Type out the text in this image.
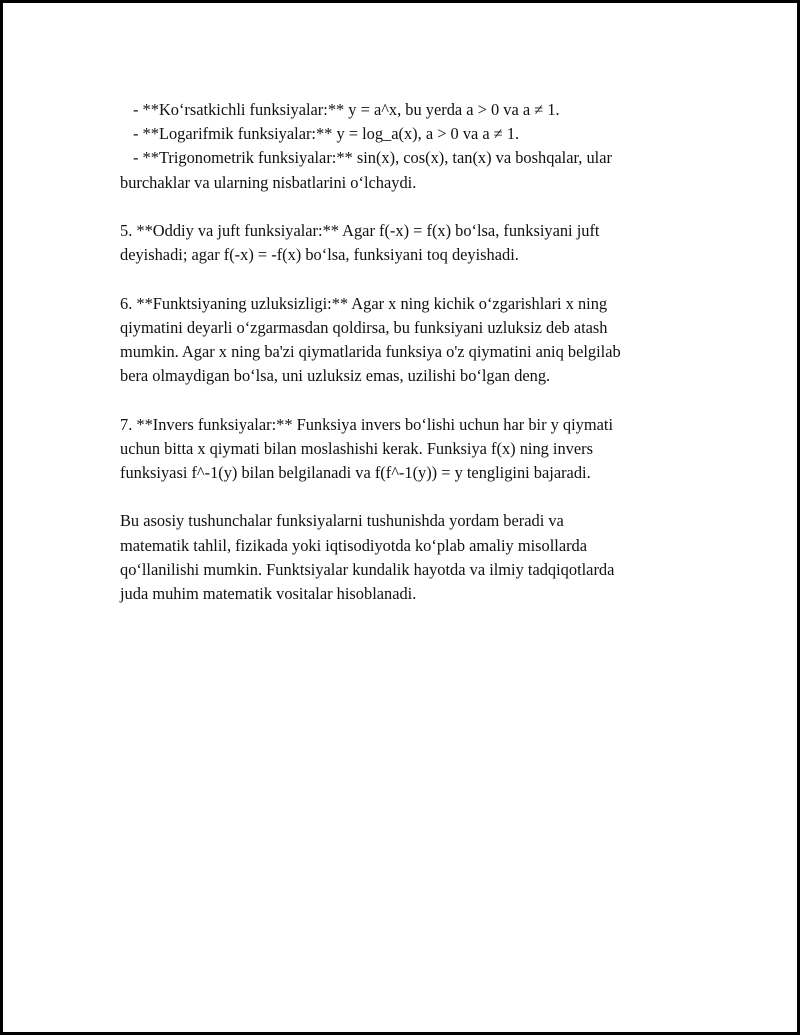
- **Ko‘rsatkichli funksiyalar:** y = a^x, bu yerda a > 0 va a ≠ 1.
- **Logarifmik funksiyalar:** y = log_a(x), a > 0 va a ≠ 1.
- **Trigonometrik funksiyalar:** sin(x), cos(x), tan(x) va boshqalar, ular
burchaklar va ularning nisbatlarini o‘lchaydi.
5. **Oddiy va juft funksiyalar:** Agar f(-x) = f(x) bo‘lsa, funksiyani juft
deyishadi; agar f(-x) = -f(x) bo‘lsa, funksiyani toq deyishadi.
6. **Funktsiyaning uzluksizligi:** Agar x ning kichik o‘zgarishlari x ning
qiymatini deyarli o‘zgarmasdan qoldirsa, bu funksiyani uzluksiz deb atash
mumkin. Agar x ning ba'zi qiymatlarida funksiya o'z qiymatini aniq belgilab
bera olmaydigan bo‘lsa, uni uzluksiz emas, uzilishi bo‘lgan deng.
7. **Invers funksiyalar:** Funksiya invers bo‘lishi uchun har bir y qiymati
uchun bitta x qiymati bilan moslashishi kerak. Funksiya f(x) ning invers
funksiyasi f^-1(y) bilan belgilanadi va f(f^-1(y)) = y tengligini bajaradi.
Bu asosiy tushunchalar funksiyalarni tushunishda yordam beradi va
matematik tahlil, fizikada yoki iqtisodiyotda ko‘plab amaliy misollarda
qo‘llanilishi mumkin. Funktsiyalar kundalik hayotda va ilmiy tadqiqotlarda
juda muhim matematik vositalar hisoblanadi.
